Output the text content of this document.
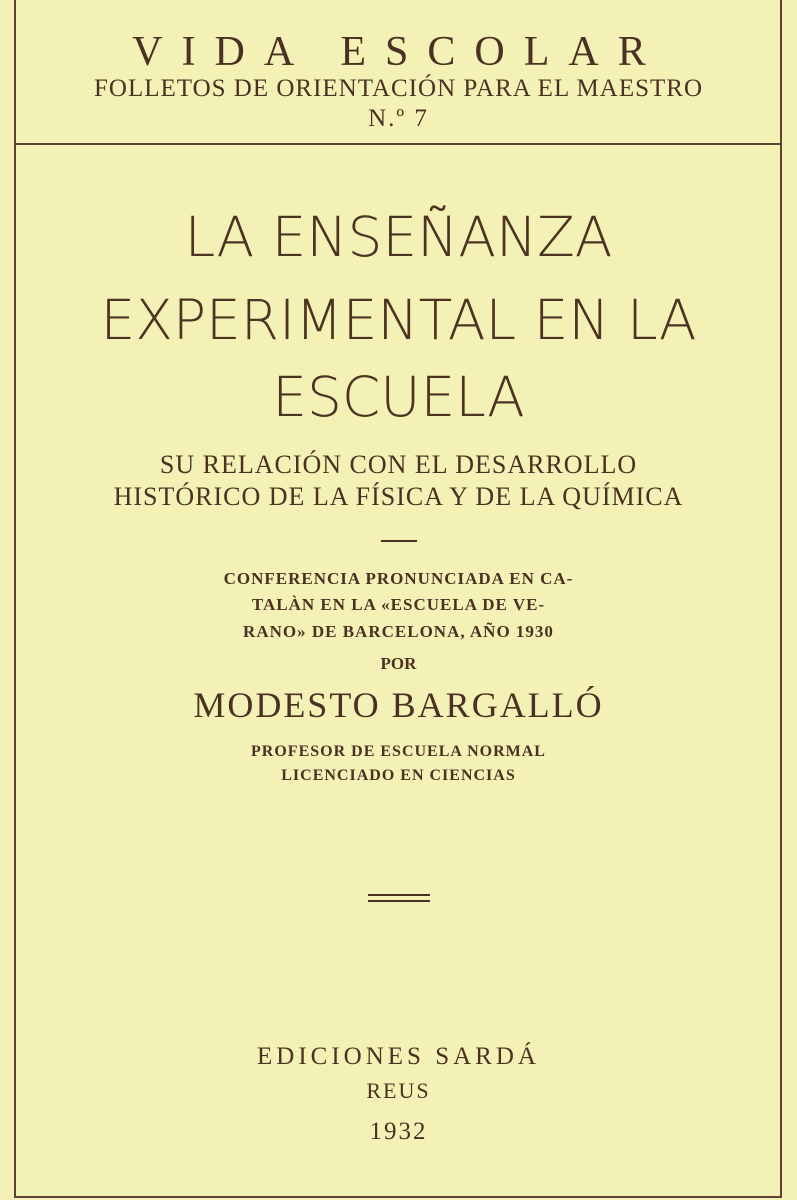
VIDA ESCOLAR
FOLLETOS DE ORIENTACIÓN PARA EL MAESTRO
N.º 7
LA ENSEÑANZA
EXPERIMENTAL EN LA
ESCUELA
SU RELACIÓN CON EL DESARROLLO
HISTÓRICO DE LA FÍSICA Y DE LA QUÍMICA
CONFERENCIA PRONUNCIADA EN CA-
TALÀN EN LA «ESCUELA DE VE-
RANO» DE BARCELONA, AÑO 1930
POR
MODESTO BARGALLÓ
PROFESOR DE ESCUELA NORMAL
LICENCIADO EN CIENCIAS
EDICIONES SARDÁ
REUS
1932
